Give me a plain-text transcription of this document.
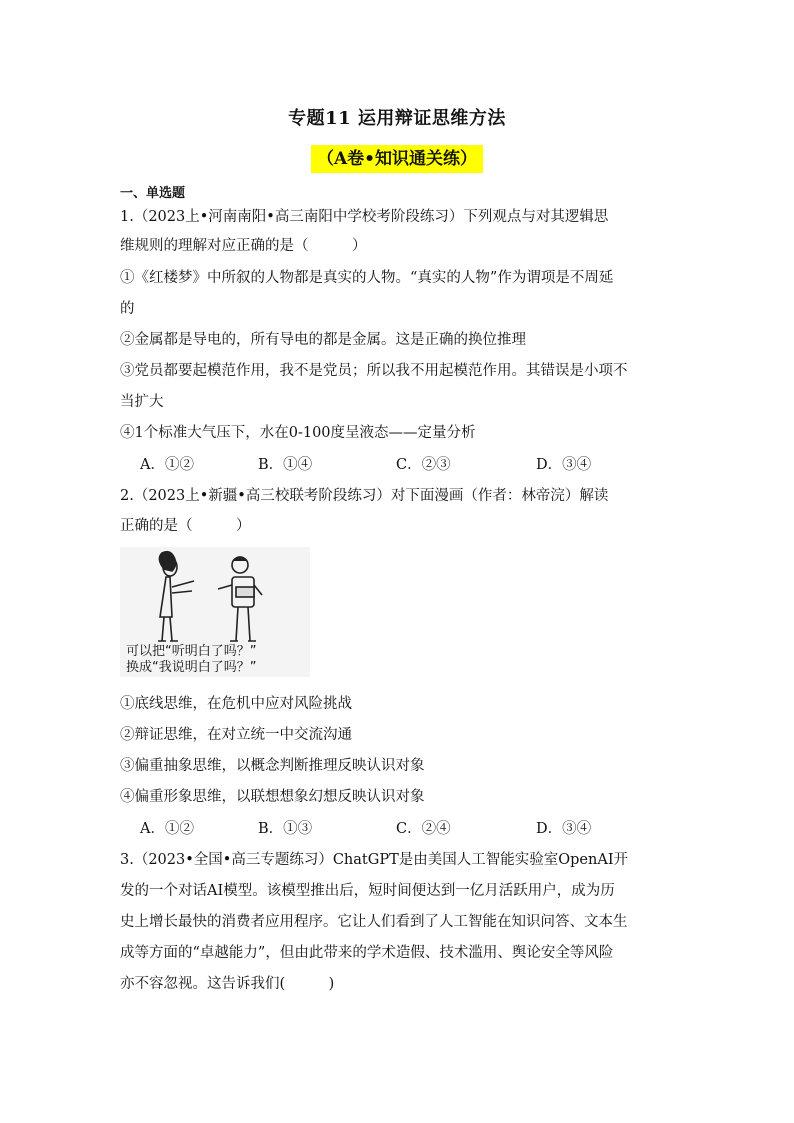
专题11 运用辩证思维方法
（A卷•知识通关练）
一、单选题
1.（2023上•河南南阳•高三南阳中学校考阶段练习）下列观点与对其逻辑思
维规则的理解对应正确的是（　　　）
①《红楼梦》中所叙的人物都是真实的人物。“真实的人物”作为谓项是不周延
的
②金属都是导电的，所有导电的都是金属。这是正确的换位推理
③党员都要起模范作用，我不是党员；所以我不用起模范作用。其错误是小项不
当扩大
④1个标准大气压下，水在0-100度呈液态——定量分析
A．①②	B．①④	C．②③	D．③④
2.（2023上•新疆•高三校联考阶段练习）对下面漫画（作者：林帝浣）解读
正确的是（　　　）
可以把“听明白了吗？”
换成“我说明白了吗？”
①底线思维，在危机中应对风险挑战
②辩证思维，在对立统一中交流沟通
③偏重抽象思维，以概念判断推理反映认识对象
④偏重形象思维，以联想想象幻想反映认识对象
A．①②	B．①③	C．②④	D．③④
3.（2023•全国•高三专题练习）ChatGPT是由美国人工智能实验室OpenAI开
发的一个对话AI模型。该模型推出后，短时间便达到一亿月活跃用户，成为历
史上增长最快的消费者应用程序。它让人们看到了人工智能在知识问答、文本生
成等方面的“卓越能力”，但由此带来的学术造假、技术滥用、舆论安全等风险
亦不容忽视。这告诉我们(　　　)
